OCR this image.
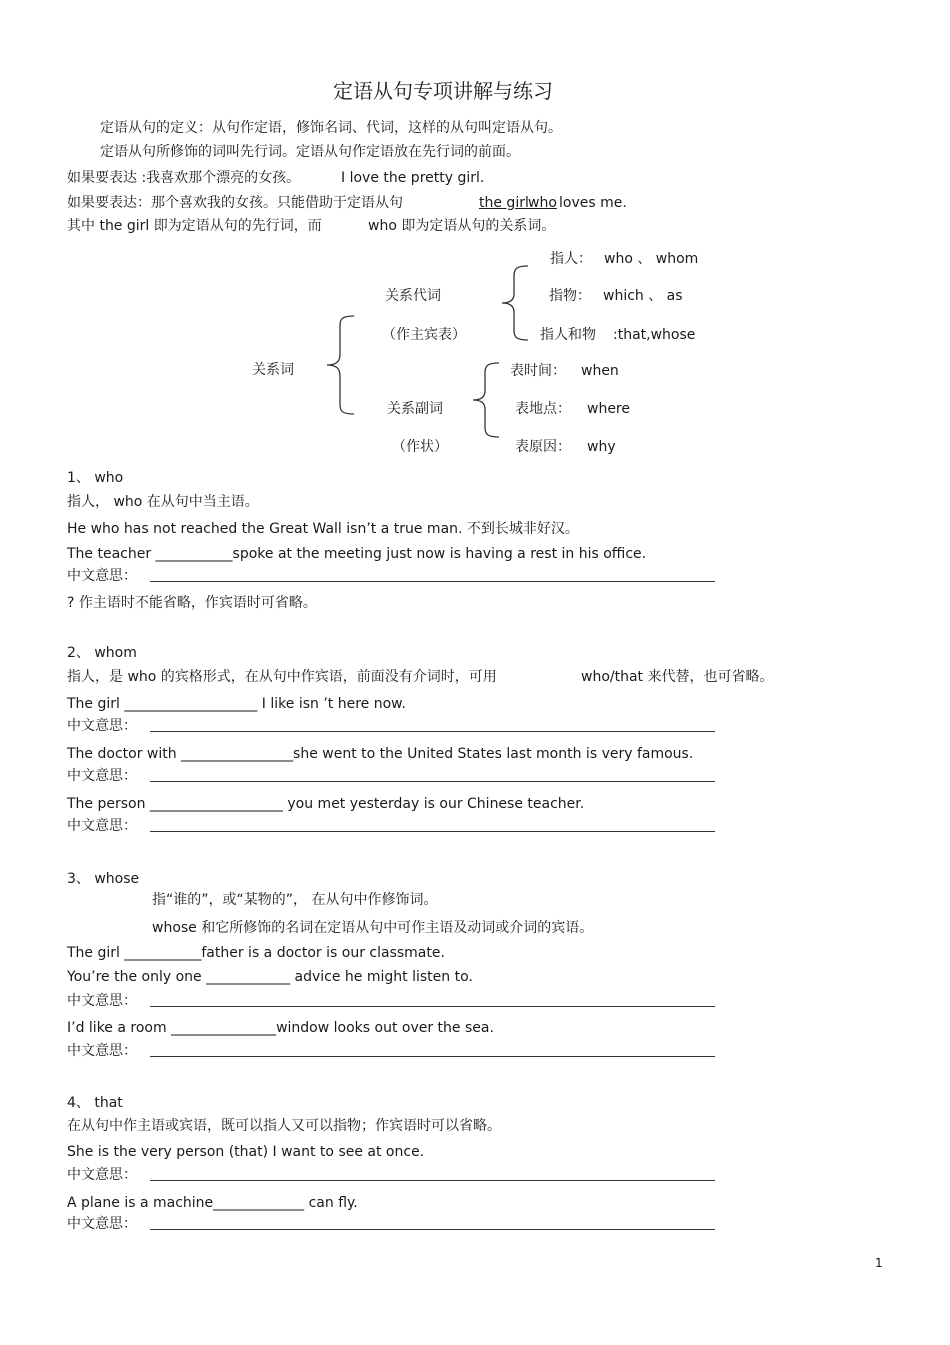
定语从句专项讲解与练习
定语从句的定义：从句作定语，修饰名词、代词，这样的从句叫定语从句。
定语从句所修饰的词叫先行词。定语从句作定语放在先行词的前面。
如果要表达 :我喜欢那个漂亮的女孩。	I love the pretty girl.
如果要表达：那个喜欢我的女孩。只能借助于定语从句	the girl who loves me.
其中 the girl 即为定语从句的先行词，而	who 即为定语从句的关系词。
关系词
关系代词
（作主宾表）
关系副词
（作状）
指人： who 、 whom
指物： which 、 as
指人和物 :that,whose
表时间： when
表地点： where
表原因： why
1、 who
指人， who 在从句中当主语。
He who has not reached the Great Wall isn’t a true man. 不到长城非好汉。
The teacher ___________spoke at the meeting just now is having a rest in his office.
中文意思：
? 作主语时不能省略，作宾语时可省略。
2、 whom
指人，是 who 的宾格形式，在从句中作宾语，前面没有介词时，可用	who/that 来代替，也可省略。
The girl ___________________ I like isn ’t here now.
中文意思：
The doctor with ________________she went to the United States last month is very famous.
中文意思：
The person ___________________ you met yesterday is our Chinese teacher.
中文意思：
3、 whose
指“谁的”，或“某物的”， 在从句中作修饰词。
whose 和它所修饰的名词在定语从句中可作主语及动词或介词的宾语。
The girl ___________father is a doctor is our classmate.
You’re the only one ____________ advice he might listen to.
中文意思：
I’d like a room _______________window looks out over the sea.
中文意思：
4、 that
在从句中作主语或宾语，既可以指人又可以指物；作宾语时可以省略。
She is the very person (that) I want to see at once.
中文意思：
A plane is a machine_____________ can fly.
中文意思：
1
